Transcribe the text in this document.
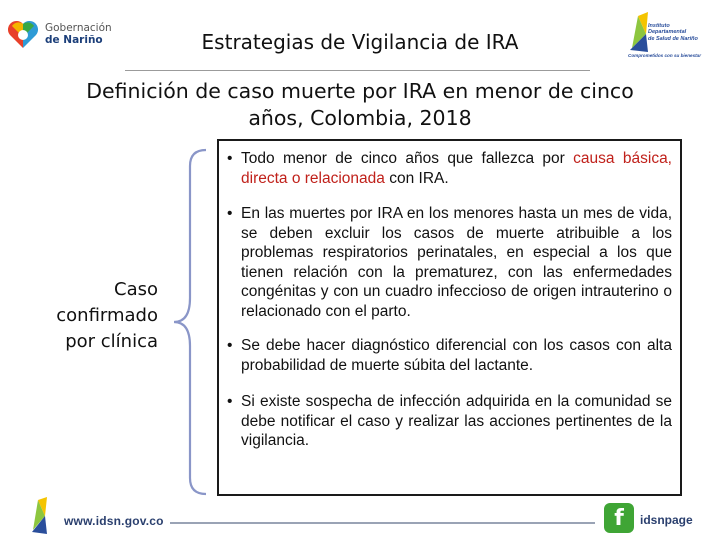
Gobernación
de Nariño
Instituto
Departamental
de Salud de Nariño
Comprometidos con su bienestar
Estrategias de Vigilancia de IRA
Definición de caso muerte por IRA en menor de cinco
años, Colombia, 2018
Caso
confirmado
por clínica
• Todo menor de cinco años que fallezca por causa básica, directa o relacionada con IRA.
• En las muertes por IRA en los menores hasta un mes de vida, se deben excluir los casos de muerte atribuible a los problemas respiratorios perinatales, en especial a los que tienen relación con la prematurez, con las enfermedades congénitas y con un cuadro infeccioso de origen intrauterino o relacionado con el parto.
• Se debe hacer diagnóstico diferencial con los casos con alta probabilidad de muerte súbita del lactante.
• Si existe sospecha de infección adquirida en la comunidad se debe notificar el caso y realizar las acciones pertinentes de la vigilancia.
www.idsn.gov.co	f	idsnpage
